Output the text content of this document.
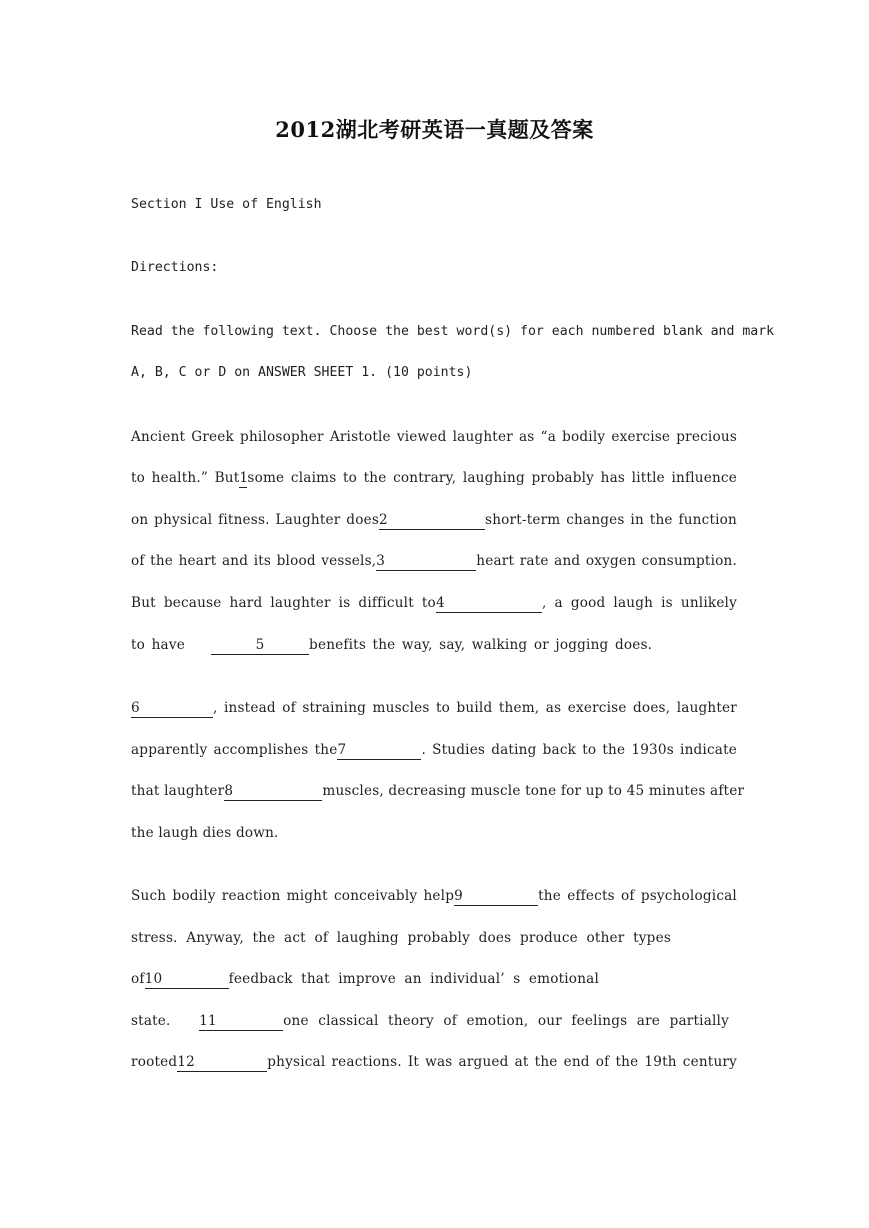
2012湖北考研英语一真题及答案
Section I Use of English
Directions:
Read the following text. Choose the best word(s) for each numbered blank and mark
A, B, C or D on ANSWER SHEET 1. (10 points)
Ancient Greek philosopher Aristotle viewed laughter as “a bodily exercise precious
to health.” But1some claims to the contrary, laughing probably has little influence
on physical fitness. Laughter does2	short-term changes in the function
of the heart and its blood vessels,3	heart rate and oxygen consumption.
But because hard laughter is difficult to4	, a good laugh is unlikely
to have	5	benefits the way, say, walking or jogging does.
6	, instead of straining muscles to build them, as exercise does, laughter
apparently accomplishes the7	. Studies dating back to the 1930s indicate
that laughter8	muscles, decreasing muscle tone for up to 45 minutes after
the laugh dies down.
Such bodily reaction might conceivably help9	the effects of psychological
stress. Anyway, the act of laughing probably does produce other types
of10	feedback that improve an individual’ s emotional
state. 11	one classical theory of emotion, our feelings are partially
rooted12	physical reactions. It was argued at the end of the 19th century
